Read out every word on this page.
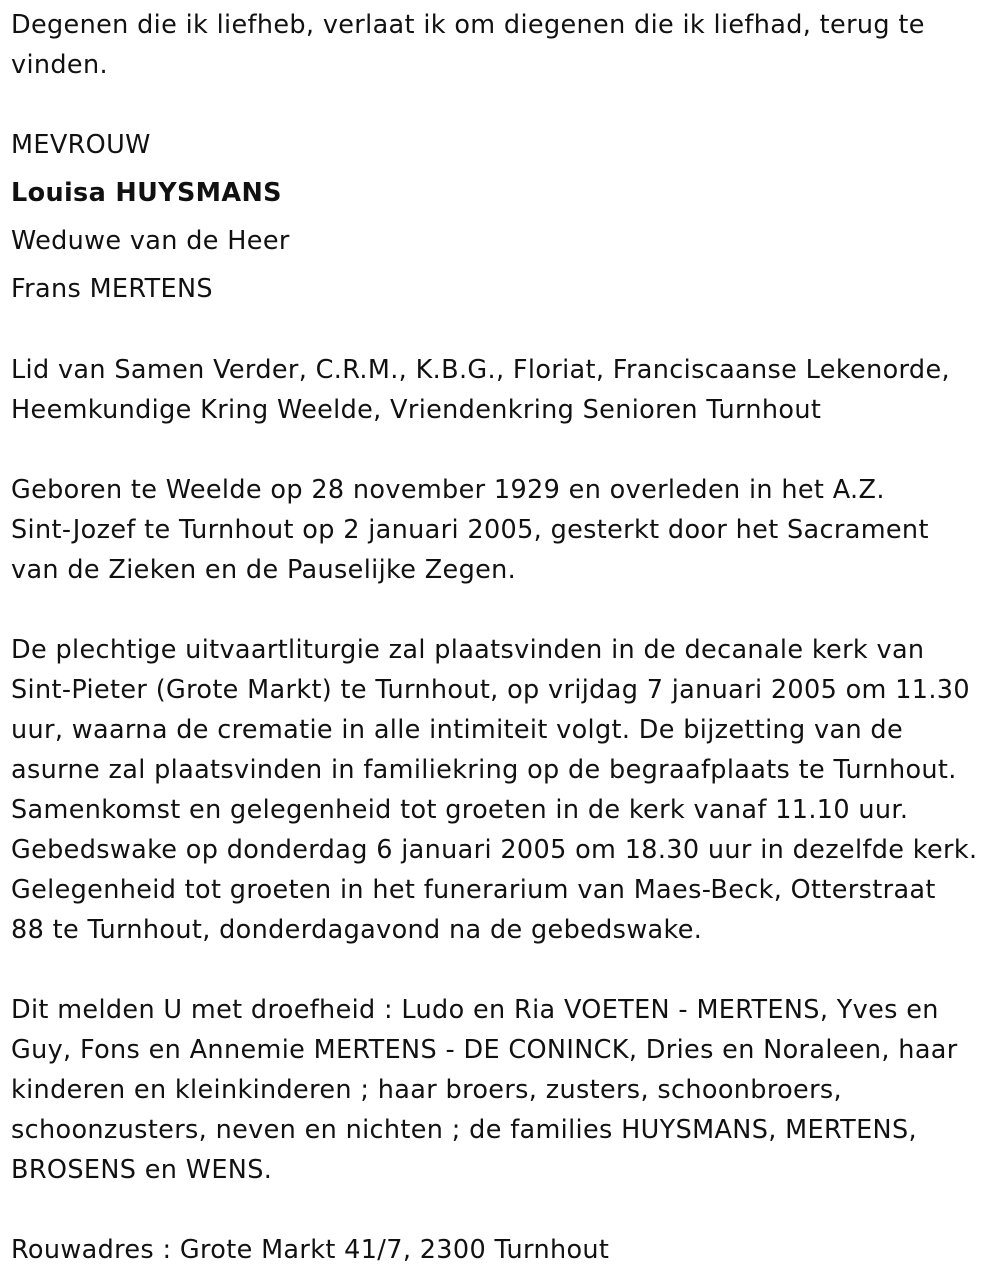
Degenen die ik liefheb, verlaat ik om diegenen die ik liefhad, terug te
vinden.
MEVROUW
Louisa HUYSMANS
Weduwe van de Heer
Frans MERTENS
Lid van Samen Verder, C.R.M., K.B.G., Floriat, Franciscaanse Lekenorde,
Heemkundige Kring Weelde, Vriendenkring Senioren Turnhout
Geboren te Weelde op 28 november 1929 en overleden in het A.Z.
Sint-Jozef te Turnhout op 2 januari 2005, gesterkt door het Sacrament
van de Zieken en de Pauselijke Zegen.
De plechtige uitvaartliturgie zal plaatsvinden in de decanale kerk van
Sint-Pieter (Grote Markt) te Turnhout, op vrijdag 7 januari 2005 om 11.30
uur, waarna de crematie in alle intimiteit volgt. De bijzetting van de
asurne zal plaatsvinden in familiekring op de begraafplaats te Turnhout.
Samenkomst en gelegenheid tot groeten in de kerk vanaf 11.10 uur.
Gebedswake op donderdag 6 januari 2005 om 18.30 uur in dezelfde kerk.
Gelegenheid tot groeten in het funerarium van Maes-Beck, Otterstraat
88 te Turnhout, donderdagavond na de gebedswake.
Dit melden U met droefheid : Ludo en Ria VOETEN - MERTENS, Yves en
Guy, Fons en Annemie MERTENS - DE CONINCK, Dries en Noraleen, haar
kinderen en kleinkinderen ; haar broers, zusters, schoonbroers,
schoonzusters, neven en nichten ; de families HUYSMANS, MERTENS,
BROSENS en WENS.
Rouwadres : Grote Markt 41/7, 2300 Turnhout
